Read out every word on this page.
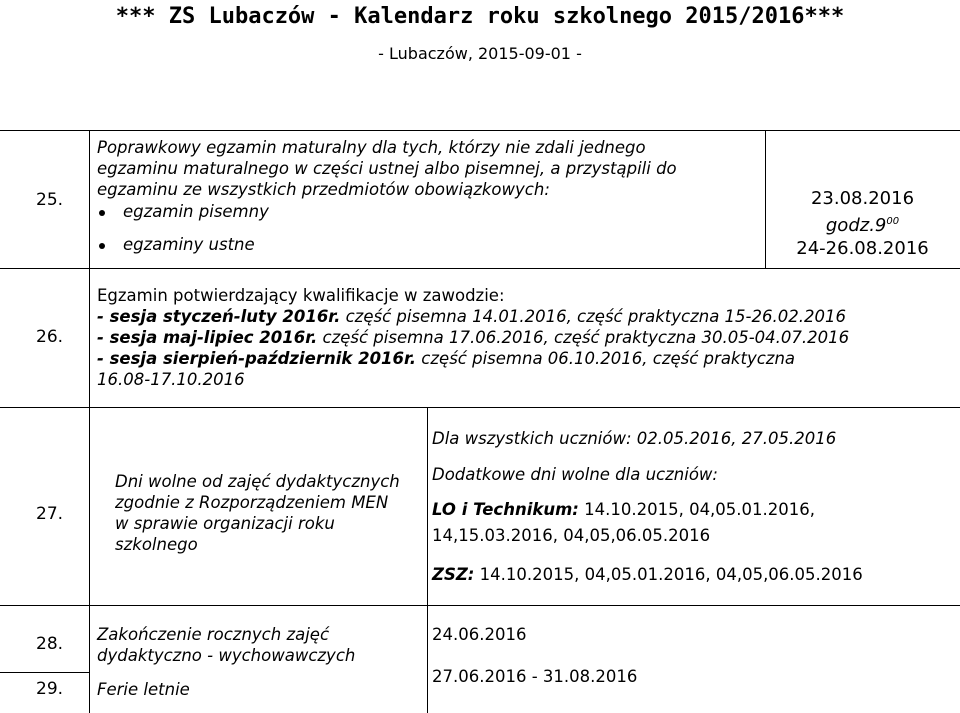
*** ZS Lubaczów - Kalendarz roku szkolnego 2015/2016***
- Lubaczów, 2015-09-01 -
25.
Poprawkowy egzamin maturalny dla tych, którzy nie zdali jednego
egzaminu maturalnego w części ustnej albo pisemnej, a przystąpili do
egzaminu ze wszystkich przedmiotów obowiązkowych:
egzamin pisemny
egzaminy ustne
23.08.2016
$godz.9^{00}$
24-26.08.2016
26.
Egzamin potwierdzający kwalifikacje w zawodzie:
- sesja styczeń-luty 2016r. część pisemna 14.01.2016, część praktyczna 15-26.02.2016
- sesja maj-lipiec 2016r. część pisemna 17.06.2016, część praktyczna 30.05-04.07.2016
- sesja sierpień-październik 2016r. część pisemna 06.10.2016, część praktyczna
16.08-17.10.2016
27.
Dni wolne od zajęć dydaktycznych
zgodnie z Rozporządzeniem MEN
w sprawie organizacji roku
szkolnego
Dla wszystkich uczniów: 02.05.2016, 27.05.2016
Dodatkowe dni wolne dla uczniów:
LO i Technikum: 14.10.2015, 04,05.01.2016,
14,15.03.2016, 04,05,06.05.2016
ZSZ: 14.10.2015, 04,05.01.2016, 04,05,06.05.2016
28. Zakończenie rocznych zajęć
dydaktyczno - wychowawczych
24.06.2016
29. Ferie letnie
27.06.2016 - 31.08.2016
